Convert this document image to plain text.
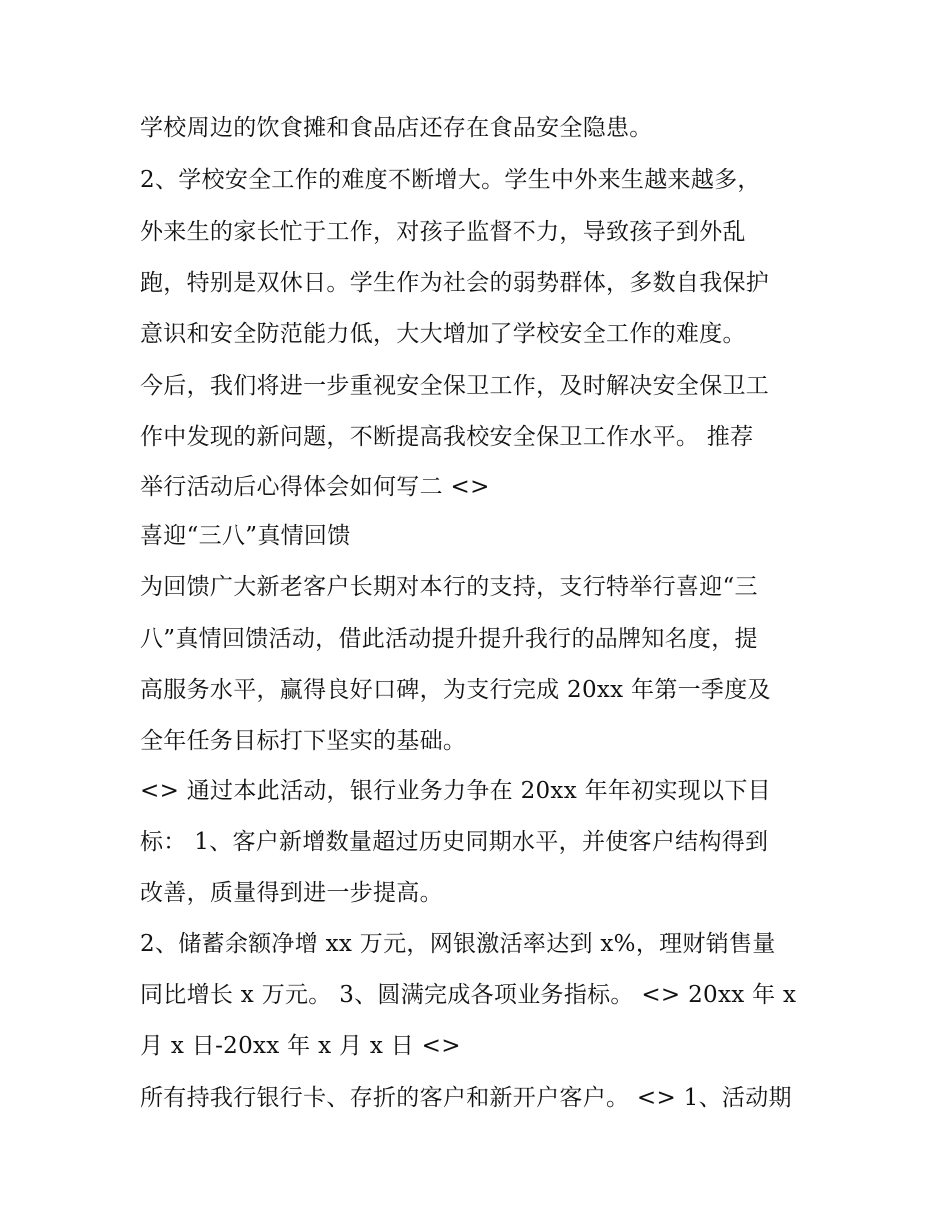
学校周边的饮食摊和食品店还存在食品安全隐患。
2、学校安全工作的难度不断增大。学生中外来生越来越多，
外来生的家长忙于工作，对孩子监督不力，导致孩子到外乱
跑，特别是双休日。学生作为社会的弱势群体，多数自我保护
意识和安全防范能力低，大大增加了学校安全工作的难度。
今后，我们将进一步重视安全保卫工作，及时解决安全保卫工
作中发现的新问题，不断提高我校安全保卫工作水平。 推荐
举行活动后心得体会如何写二 <>
喜迎“三八”真情回馈
为回馈广大新老客户长期对本行的支持，支行特举行喜迎“三
八”真情回馈活动，借此活动提升提升我行的品牌知名度，提
高服务水平，赢得良好口碑，为支行完成 20xx 年第一季度及
全年任务目标打下坚实的基础。
<> 通过本此活动，银行业务力争在 20xx 年年初实现以下目
标： 1、客户新增数量超过历史同期水平，并使客户结构得到
改善，质量得到进一步提高。
2、储蓄余额净增 xx 万元，网银激活率达到 x%，理财销售量
同比增长 x 万元。 3、圆满完成各项业务指标。 <> 20xx 年 x
月 x 日-20xx 年 x 月 x 日 <>
所有持我行银行卡、存折的客户和新开户客户。 <> 1、活动期
